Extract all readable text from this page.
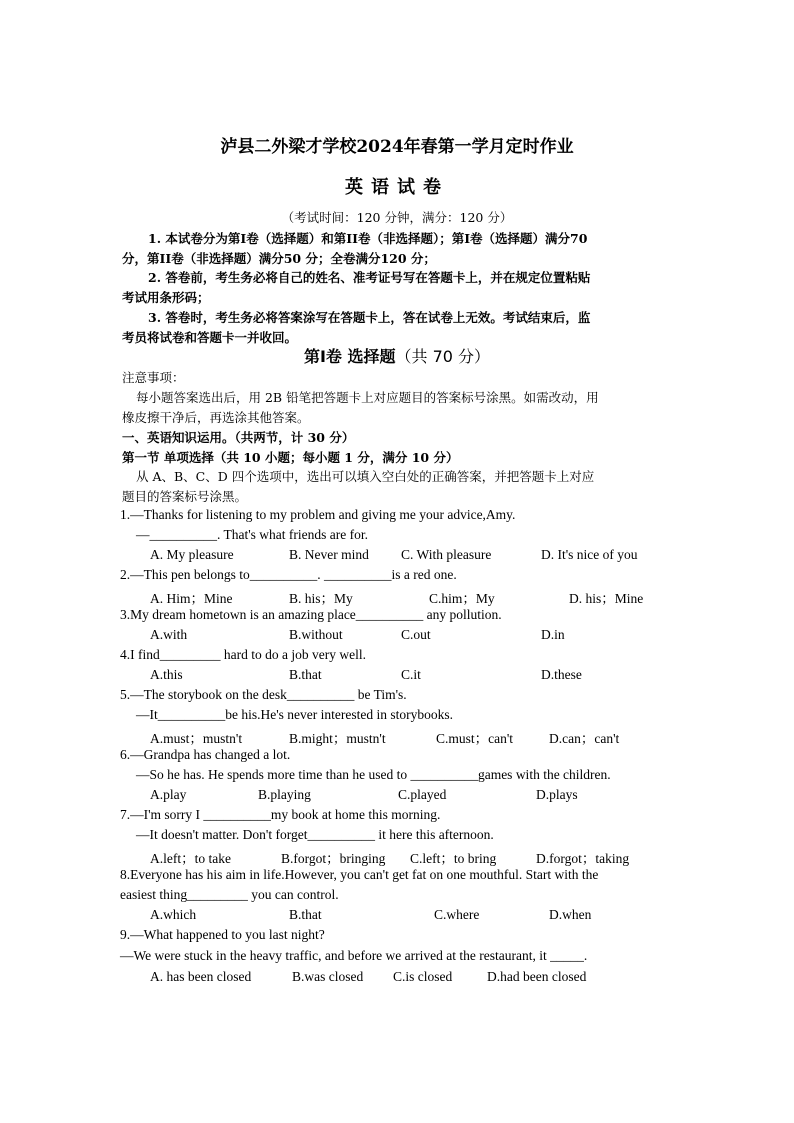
泸县二外梁才学校2024年春第一学月定时作业
英语试卷
（考试时间：120 分钟，满分：120 分）
1. 本试卷分为第Ⅰ卷（选择题）和第II卷（非选择题）；第Ⅰ卷（选择题）满分70
分，第II卷（非选择题）满分50 分；全卷满分120 分；
2. 答卷前，考生务必将自己的姓名、准考证号写在答题卡上，并在规定位置粘贴
考试用条形码；
3. 答卷时，考生务必将答案涂写在答题卡上，答在试卷上无效。考试结束后，监
考员将试卷和答题卡一并收回。
第Ⅰ卷 选择题（共 70 分）
注意事项：
每小题答案选出后，用 2B 铅笔把答题卡上对应题目的答案标号涂黑。如需改动，用
橡皮擦干净后，再选涂其他答案。
一、英语知识运用。（共两节，计 30 分）
第一节 单项选择（共 10 小题；每小题 1 分，满分 10 分）
从 A、B、C、D 四个选项中，选出可以填入空白处的正确答案，并把答题卡上对应
题目的答案标号涂黑。
1.—Thanks for listening to my problem and giving me your advice,Amy.
—__________. That's what friends are for.
A. My pleasure	B. Never mind C. With pleasure	D. It's nice of you
2.—This pen belongs to__________. __________is a red one.
A. Him；Mine	B. his；My	C.him；My	D. his；Mine
3.My dream hometown is an amazing place__________ any pollution.
A.with	B.without	C.out	D.in
4.I find_________ hard to do a job very well.
A.this	B.that	C.it	D.these
5.—The storybook on the desk__________ be Tim's.
—It__________be his.He's never interested in storybooks.
A.must；mustn't	B.might；mustn't	C.must；can't	D.can；can't
6.—Grandpa has changed a lot.
—So he has. He spends more time than he used to __________games with the children.
A.play	B.playing	C.played	D.plays
7.—I'm sorry I __________my book at home this morning.
—It doesn't matter. Don't forget__________ it here this afternoon.
A.left；to take	B.forgot；bringing C.left；to bring	D.forgot；taking
8.Everyone has his aim in life.However, you can't get fat on one mouthful. Start with the
easiest thing_________ you can control.
A.which	B.that	C.where	D.when
9.—What happened to you last night?
—We were stuck in the heavy traffic, and before we arrived at the restaurant, it _____.
A. has been closed	B.was closed C.is closed	D.had been closed
